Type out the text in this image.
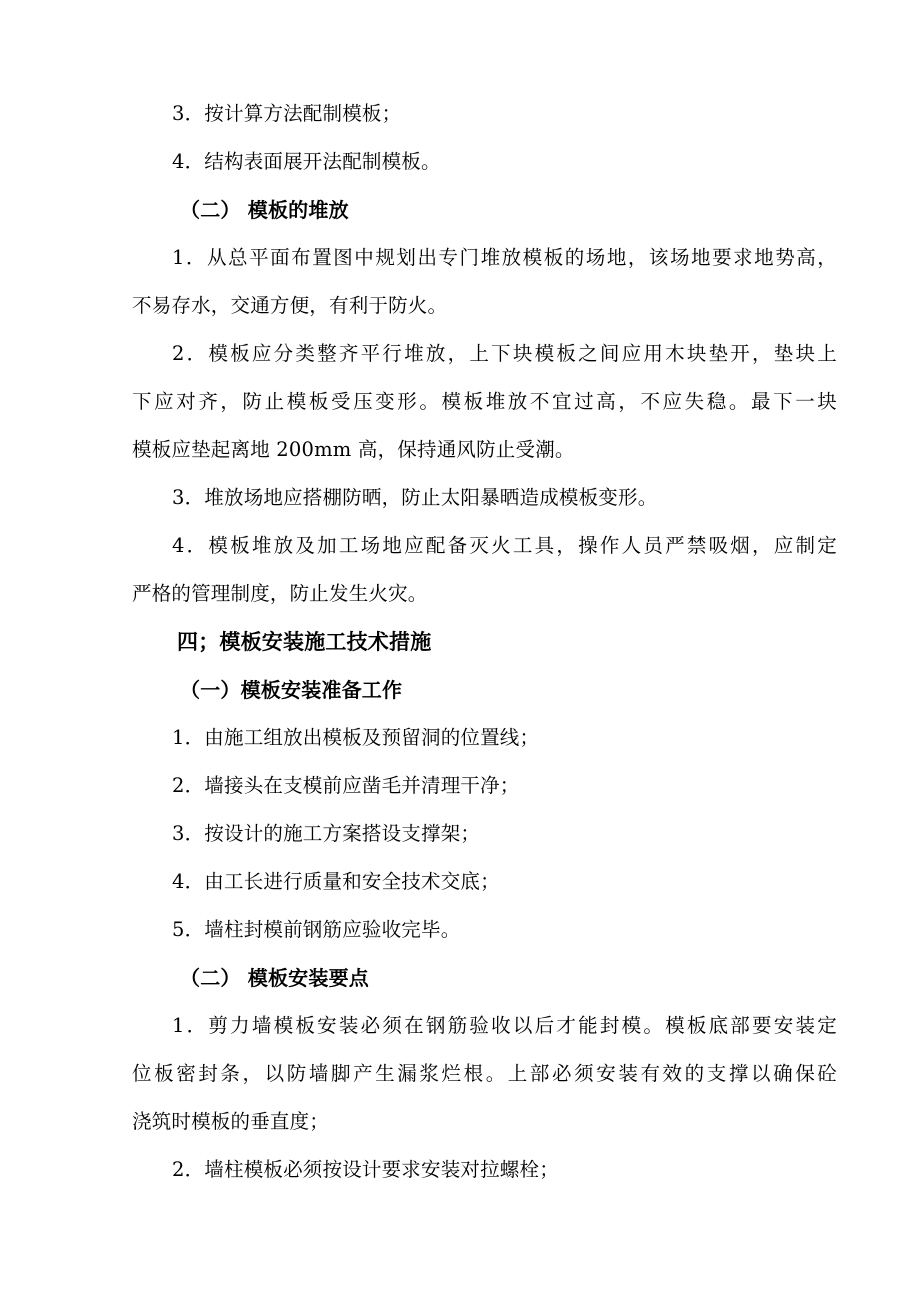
3．按计算方法配制模板；
4．结构表面展开法配制模板。
（二） 模板的堆放
1．从总平面布置图中规划出专门堆放模板的场地，该场地要求地势高，
不易存水，交通方便，有利于防火。
2．模板应分类整齐平行堆放，上下块模板之间应用木块垫开，垫块上
下应对齐，防止模板受压变形。模板堆放不宜过高，不应失稳。最下一块
模板应垫起离地 200mm 高，保持通风防止受潮。
3．堆放场地应搭棚防晒，防止太阳暴晒造成模板变形。
4．模板堆放及加工场地应配备灭火工具，操作人员严禁吸烟，应制定
严格的管理制度，防止发生火灾。
四；模板安装施工技术措施
（一）模板安装准备工作
1．由施工组放出模板及预留洞的位置线；
2．墙接头在支模前应凿毛并清理干净；
3．按设计的施工方案搭设支撑架；
4．由工长进行质量和安全技术交底；
5．墙柱封模前钢筋应验收完毕。
（二） 模板安装要点
1．剪力墙模板安装必须在钢筋验收以后才能封模。模板底部要安装定
位板密封条，以防墙脚产生漏浆烂根。上部必须安装有效的支撑以确保砼
浇筑时模板的垂直度；
2．墙柱模板必须按设计要求安装对拉螺栓；
